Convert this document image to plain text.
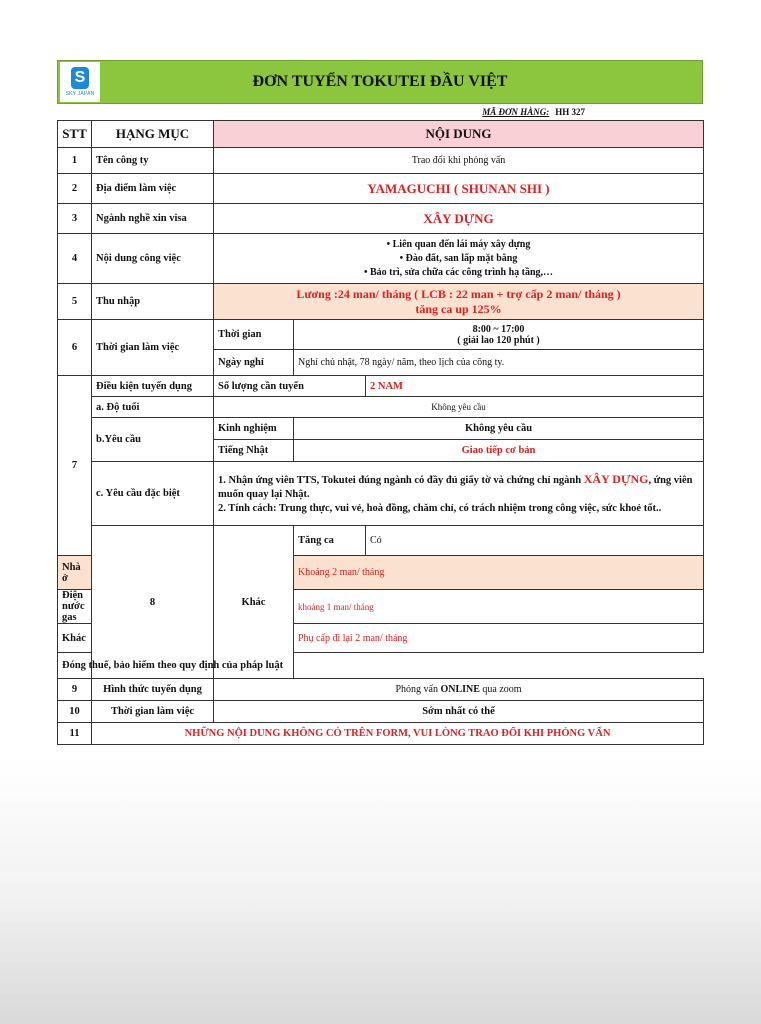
S
SKY JAPAN
ĐƠN TUYỂN TOKUTEI ĐẦU VIỆT
MÃ ĐƠN HÀNG: HH 327
STT	HẠNG MỤC	NỘI DUNG		
1	Tên công ty	Trao đổi khi phỏng vấn		
2	Địa điểm làm việc	YAMAGUCHI ( SHUNAN SHI )		
3	Ngành nghề xin visa	XÂY DỰNG		
4	Nội dung công việc	• Liên quan đến lái máy xây dựng
• Đào đất, san lấp mặt bằng
• Bảo trì, sửa chữa các công trình hạ tầng,…		

5	Thu nhập	Lương :24 man/ tháng ( LCB : 22 man + trợ cấp 2 man/ tháng )
tăng ca up 125%		

6	Thời gian làm việc	Thời gian	8:00 ~ 17:00
( giải lao 120 phút )	

		Ngày nghỉ	Nghỉ chủ nhật, 78 ngày/ năm, theo lịch của công ty.	
7	Điều kiện tuyển dụng	Số lượng cần tuyển		2 NAM
	a. Độ tuổi	Không yêu cầu		
	b.Yêu cầu	Kinh nghiệm	Không yêu cầu	
		Tiếng Nhật	Giao tiếp cơ bản	
	c. Yêu cầu đặc biệt	1. Nhận ứng viên TTS, Tokutei đúng ngành có đầy đủ giấy tờ và chứng chỉ ngành XÂY DỰNG, ứng viên muốn quay lại Nhật.
2. Tính cách: Trung thực, vui vẻ, hoà đồng, chăm chỉ, có trách nhiệm trong công việc, sức khoẻ tốt..		

	8	Khác	Tăng ca	Có
Nhà ở			Khoảng 2 man/ tháng	
Điện nước gas			khoảng 1 man/ tháng	
Khác			Phụ cấp đi lại 2 man/ tháng	
Đóng thuế, bảo hiểm theo quy định của pháp luật				
9	Hình thức tuyển dụng	Phỏng vấn ONLINE qua zoom		
10	Thời gian làm việc	Sớm nhất có thể		
11	NHỮNG NỘI DUNG KHÔNG CÓ TRÊN FORM, VUI LÒNG TRAO ĐỔI KHI PHỎNG VẤN			
